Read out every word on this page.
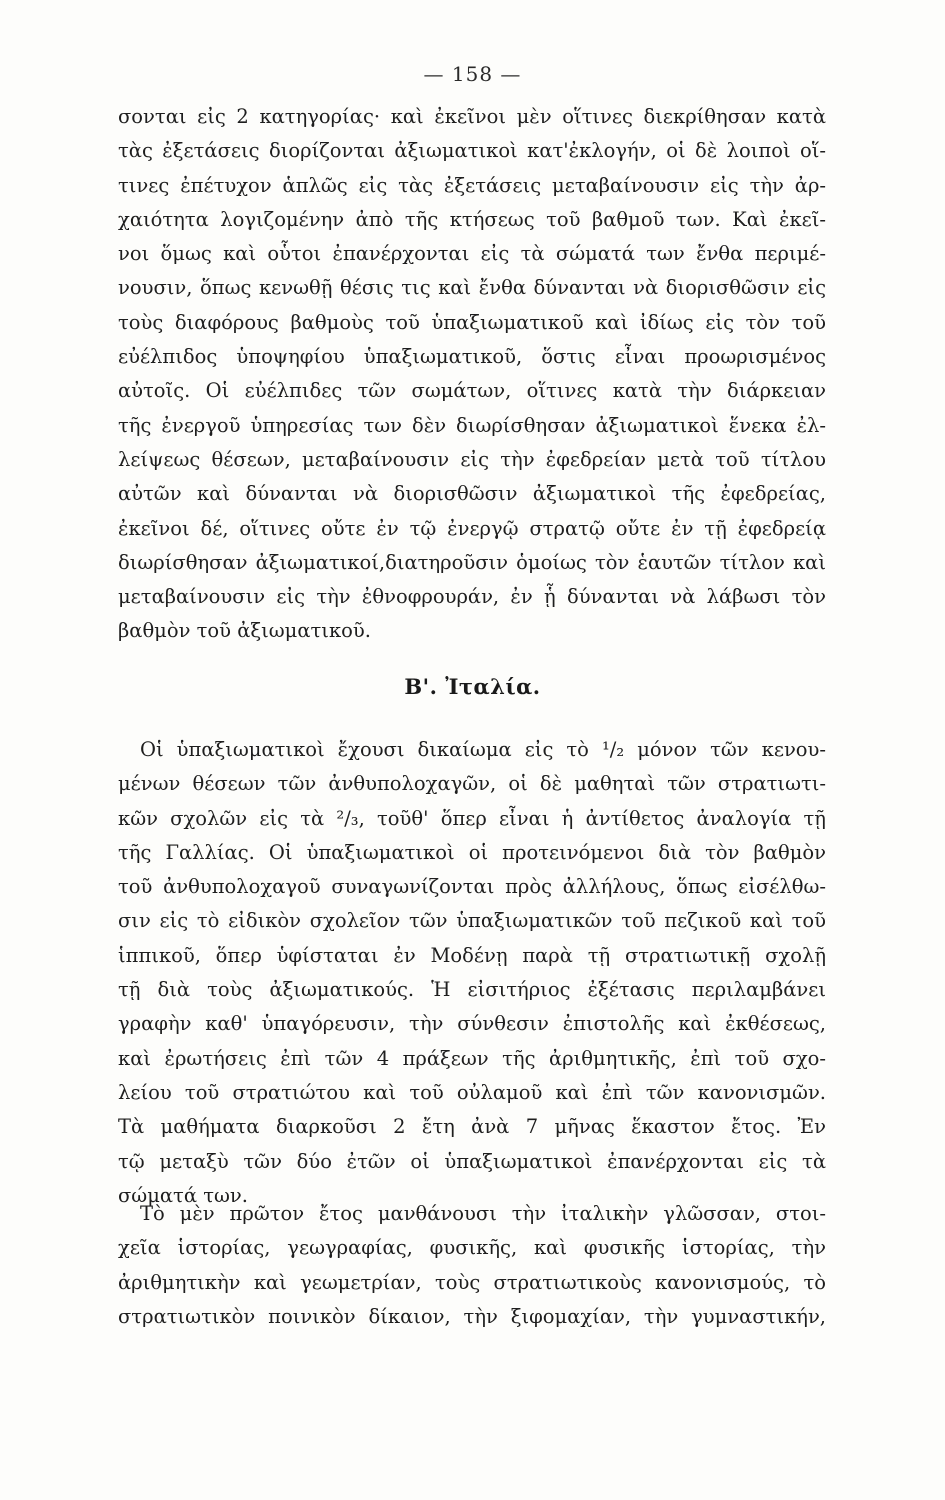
— 158 —
σονται εἰς 2 κατηγορίας· καὶ ἐκεῖνοι μὲν οἵτινες διεκρίθησαν κατὰ
τὰς ἐξετάσεις διορίζονται ἀξιωματικοὶ κατ'ἐκλογήν, οἱ δὲ λοιποὶ οἵ-
τινες ἐπέτυχον ἁπλῶς εἰς τὰς ἐξετάσεις μεταβαίνουσιν εἰς τὴν ἀρ-
χαιότητα λογιζομένην ἀπὸ τῆς κτήσεως τοῦ βαθμοῦ των. Καὶ ἐκεῖ-
νοι ὅμως καὶ οὗτοι ἐπανέρχονται εἰς τὰ σώματά των ἔνθα περιμέ-
νουσιν, ὅπως κενωθῇ θέσις τις καὶ ἔνθα δύνανται νὰ διορισθῶσιν εἰς
τοὺς διαφόρους βαθμοὺς τοῦ ὑπαξιωματικοῦ καὶ ἰδίως εἰς τὸν τοῦ
εὐέλπιδος ὑποψηφίου ὑπαξιωματικοῦ, ὅστις εἶναι προωρισμένος
αὐτοῖς. Οἱ εὐέλπιδες τῶν σωμάτων, οἵτινες κατὰ τὴν διάρκειαν
τῆς ἐνεργοῦ ὑπηρεσίας των δὲν διωρίσθησαν ἀξιωματικοὶ ἕνεκα ἐλ-
λείψεως θέσεων, μεταβαίνουσιν εἰς τὴν ἐφεδρείαν μετὰ τοῦ τίτλου
αὐτῶν καὶ δύνανται νὰ διορισθῶσιν ἀξιωματικοὶ τῆς ἐφεδρείας,
ἐκεῖνοι δέ, οἵτινες οὔτε ἐν τῷ ἐνεργῷ στρατῷ οὔτε ἐν τῇ ἐφεδρείᾳ
διωρίσθησαν ἀξιωματικοί,διατηροῦσιν ὁμοίως τὸν ἑαυτῶν τίτλον καὶ
μεταβαίνουσιν εἰς τὴν ἐθνοφρουράν, ἐν ᾗ δύνανται νὰ λάβωσι τὸν
βαθμὸν τοῦ ἀξιωματικοῦ.
Β'. Ἰταλία.
Οἱ ὑπαξιωματικοὶ ἔχουσι δικαίωμα εἰς τὸ ¹/₂ μόνον τῶν κενου-
μένων θέσεων τῶν ἀνθυπολοχαγῶν, οἱ δὲ μαθηταὶ τῶν στρατιωτι-
κῶν σχολῶν εἰς τὰ ²/₃, τοῦθ' ὅπερ εἶναι ἡ ἀντίθετος ἀναλογία τῇ
τῆς Γαλλίας. Οἱ ὑπαξιωματικοὶ οἱ προτεινόμενοι διὰ τὸν βαθμὸν
τοῦ ἀνθυπολοχαγοῦ συναγωνίζονται πρὸς ἀλλήλους, ὅπως εἰσέλθω-
σιν εἰς τὸ εἰδικὸν σχολεῖον τῶν ὑπαξιωματικῶν τοῦ πεζικοῦ καὶ τοῦ
ἱππικοῦ, ὅπερ ὑφίσταται ἐν Μοδένῃ παρὰ τῇ στρατιωτικῇ σχολῇ
τῇ διὰ τοὺς ἀξιωματικούς. Ἡ εἰσιτήριος ἐξέτασις περιλαμβάνει
γραφὴν καθ' ὑπαγόρευσιν, τὴν σύνθεσιν ἐπιστολῆς καὶ ἐκθέσεως,
καὶ ἐρωτήσεις ἐπὶ τῶν 4 πράξεων τῆς ἀριθμητικῆς, ἐπὶ τοῦ σχο-
λείου τοῦ στρατιώτου καὶ τοῦ οὐλαμοῦ καὶ ἐπὶ τῶν κανονισμῶν.
Τὰ μαθήματα διαρκοῦσι 2 ἔτη ἀνὰ 7 μῆνας ἕκαστον ἔτος. Ἐν
τῷ μεταξὺ τῶν δύο ἐτῶν οἱ ὑπαξιωματικοὶ ἐπανέρχονται εἰς τὰ
σώματά των.
Τὸ μὲν πρῶτον ἔτος μανθάνουσι τὴν ἰταλικὴν γλῶσσαν, στοι-
χεῖα ἱστορίας, γεωγραφίας, φυσικῆς, καὶ φυσικῆς ἱστορίας, τὴν
ἀριθμητικὴν καὶ γεωμετρίαν, τοὺς στρατιωτικοὺς κανονισμούς, τὸ
στρατιωτικὸν ποινικὸν δίκαιον, τὴν ξιφομαχίαν, τὴν γυμναστικήν,
